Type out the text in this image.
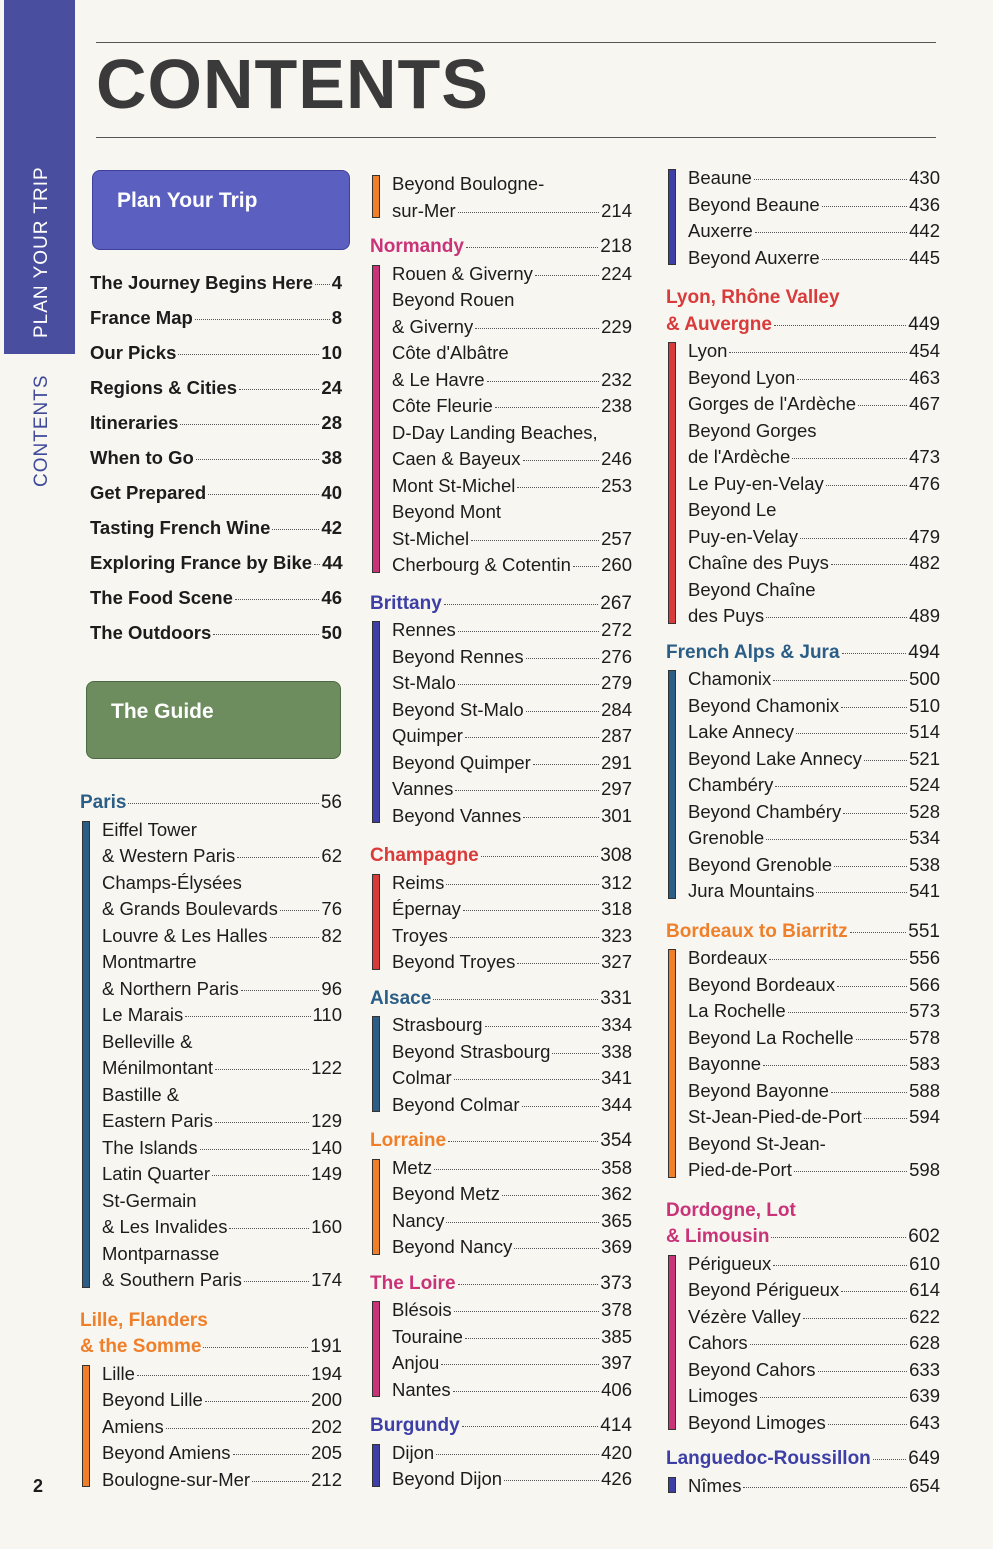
PLAN YOUR TRIP
CONTENTS
CONTENTS
Plan Your Trip
The Journey Begins Here 4
France Map	8
Our Picks	10
Regions & Cities	24
Itineraries	28
When to Go	38
Get Prepared	40
Tasting French Wine	42
Exploring France by Bike 44
The Food Scene	46
The Outdoors	50
The Guide
Paris	56
Eiffel Tower
& Western Paris	62
Champs-Élysées
& Grands Boulevards 76
Louvre & Les Halles	82
Montmartre
& Northern Paris	96
Le Marais	110
Belleville &
Ménilmontant	122
Bastille &
Eastern Paris	129
The Islands	140
Latin Quarter	149
St-Germain
& Les Invalides	160
Montparnasse
& Southern Paris	174
Lille, Flanders
& the Somme	191
Lille	194
Beyond Lille	200
Amiens	202
Beyond Amiens	205
Boulogne-sur-Mer	212
Beyond Boulogne-
sur-Mer	214
Normandy	218
Rouen & Giverny	224
Beyond Rouen
& Giverny	229
Côte d'Albâtre
& Le Havre	232
Côte Fleurie	238
D-Day Landing Beaches,
Caen & Bayeux	246
Mont St-Michel	253
Beyond Mont
St-Michel	257
Cherbourg & Cotentin 260
Brittany	267
Rennes	272
Beyond Rennes	276
St-Malo	279
Beyond St-Malo	284
Quimper	287
Beyond Quimper	291
Vannes	297
Beyond Vannes	301
Champagne	308
Reims	312
Épernay	318
Troyes	323
Beyond Troyes	327
Alsace	331
Strasbourg	334
Beyond Strasbourg	338
Colmar	341
Beyond Colmar	344
Lorraine	354
Metz	358
Beyond Metz	362
Nancy	365
Beyond Nancy	369
The Loire	373
Blésois	378
Touraine	385
Anjou	397
Nantes	406
Burgundy	414
Dijon	420
Beyond Dijon	426
Beaune	430
Beyond Beaune	436
Auxerre	442
Beyond Auxerre	445
Lyon, Rhône Valley
& Auvergne	449
Lyon	454
Beyond Lyon	463
Gorges de l'Ardèche	467
Beyond Gorges
de l'Ardèche	473
Le Puy-en-Velay	476
Beyond Le
Puy-en-Velay	479
Chaîne des Puys	482
Beyond Chaîne
des Puys	489
French Alps & Jura	494
Chamonix	500
Beyond Chamonix	510
Lake Annecy	514
Beyond Lake Annecy	521
Chambéry	524
Beyond Chambéry	528
Grenoble	534
Beyond Grenoble	538
Jura Mountains	541
Bordeaux to Biarritz	551
Bordeaux	556
Beyond Bordeaux	566
La Rochelle	573
Beyond La Rochelle	578
Bayonne	583
Beyond Bayonne	588
St-Jean-Pied-de-Port	594
Beyond St-Jean-
Pied-de-Port	598
Dordogne, Lot
& Limousin	602
Périgueux	610
Beyond Périgueux	614
Vézère Valley	622
Cahors	628
Beyond Cahors	633
Limoges	639
Beyond Limoges	643
Languedoc-Roussillon 649
Nîmes	654
2
